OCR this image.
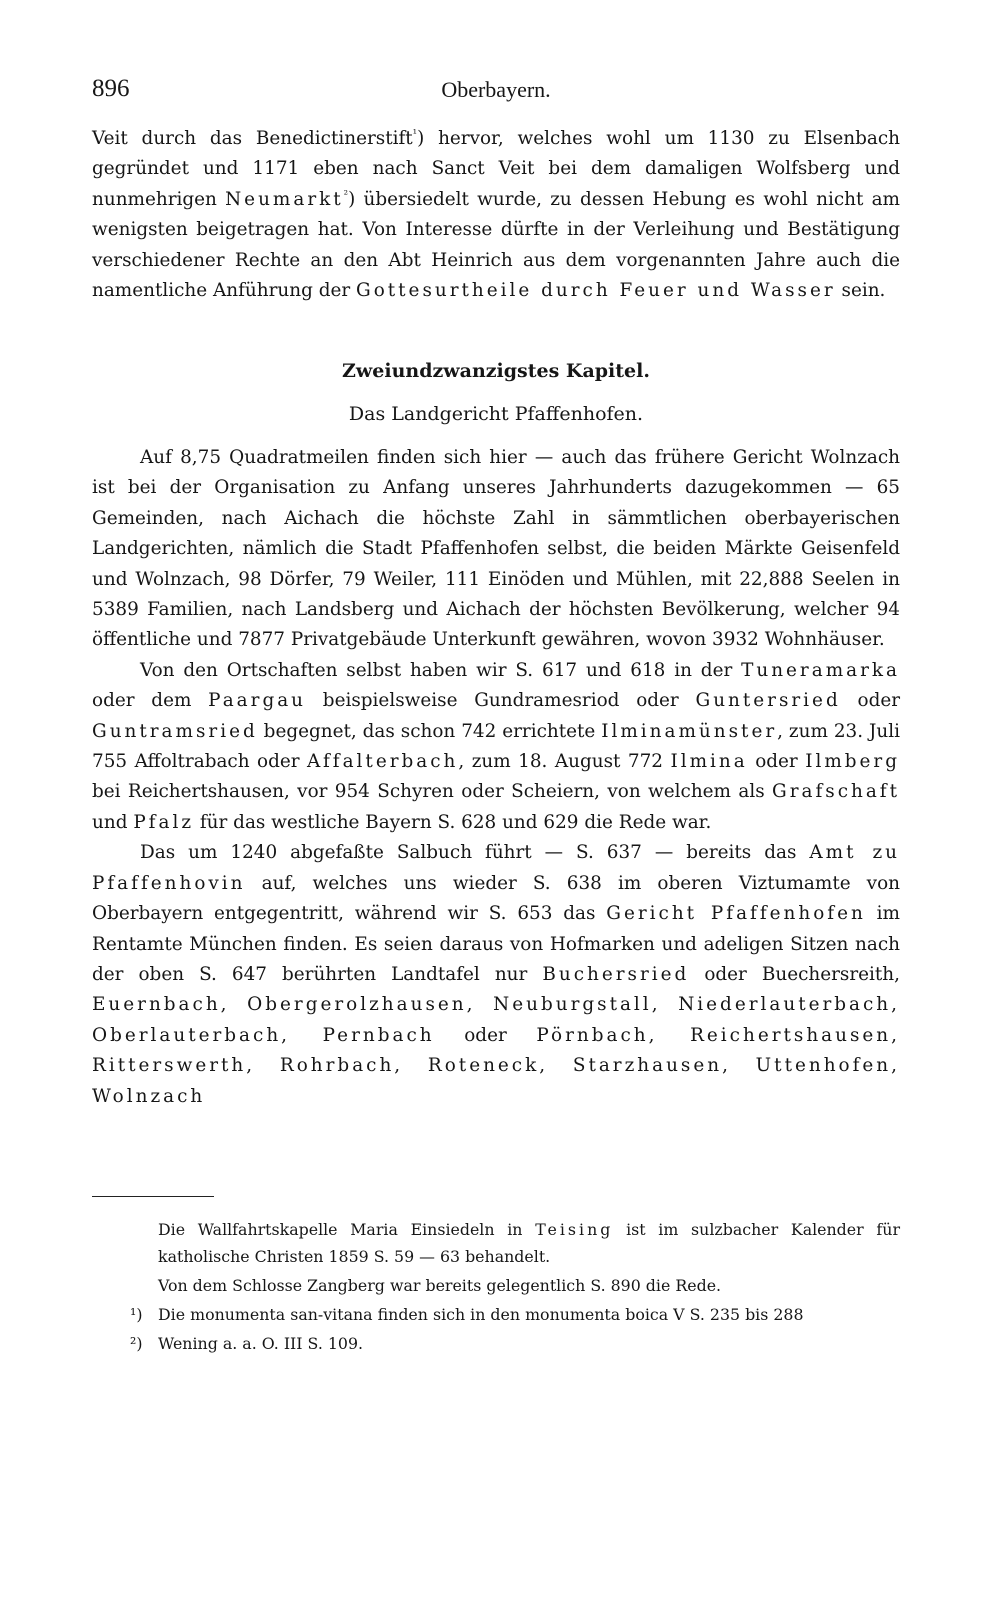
896	Oberbayern.

Veit durch das Benedictinerstift$^{^1}$) hervor, welches wohl um 1130 zu Elsenbach gegründet und 1171 eben nach Sanct Veit bei dem damaligen Wolfsberg und nunmehrigen Neumarkt$^{^2}$) übersiedelt wurde, zu dessen Hebung es wohl nicht am wenigsten beigetragen hat. Von Interesse dürfte in der Verleihung und Bestätigung verschiedener Rechte an den Abt Heinrich aus dem vorgenannten Jahre auch die namentliche Anführung der Gottesurtheile durch Feuer und Wasser sein.

Zweiundzwanzigstes Kapitel.
Das Landgericht Pfaffenhofen.

Auf 8,75 Quadratmeilen finden sich hier — auch das frühere Gericht Wolnzach ist bei der Organisation zu Anfang unseres Jahrhunderts dazugekommen — 65 Gemeinden, nach Aichach die höchste Zahl in sämmtlichen oberbayerischen Landgerichten, nämlich die Stadt Pfaffenhofen selbst, die beiden Märkte Geisenfeld und Wolnzach, 98 Dörfer, 79 Weiler, 111 Einöden und Mühlen, mit 22,888 Seelen in 5389 Familien, nach Landsberg und Aichach der höchsten Bevölkerung, welcher 94 öffentliche und 7877 Privatgebäude Unterkunft gewähren, wovon 3932 Wohnhäuser.

Von den Ortschaften selbst haben wir S. 617 und 618 in der Tuneramarka oder dem Paargau beispielsweise Gundramesriod oder Guntersried oder Guntramsried begegnet, das schon 742 errichtete Ilminamünster, zum 23. Juli 755 Affoltrabach oder Affalterbach, zum 18. August 772 Ilmina oder Ilmberg bei Reichertshausen, vor 954 Schyren oder Scheiern, von welchem als Grafschaft und Pfalz für das westliche Bayern S. 628 und 629 die Rede war.

Das um 1240 abgefaßte Salbuch führt — S. 637 — bereits das Amt zu Pfaffenhovin auf, welches uns wieder S. 638 im oberen Viztumamte von Oberbayern entgegentritt, während wir S. 653 das Gericht Pfaffenhofen im Rentamte München finden. Es seien daraus von Hofmarken und adeligen Sitzen nach der oben S. 647 berührten Landtafel nur Buchersried oder Buechersreith, Euernbach, Obergerolzhausen, Neuburgstall, Niederlauterbach, Oberlauterbach, Pernbach oder Pörnbach, Reichertshausen, Ritterswerth, Rohrbach, Roteneck, Starzhausen, Uttenhofen, Wolnzach

Die Wallfahrtskapelle Maria Einsiedeln in Teising ist im sulzbacher Kalender für katholische Christen 1859 S. 59 — 63 behandelt.

Von dem Schlosse Zangberg war bereits gelegentlich S. 890 die Rede.

¹) Die monumenta san-vitana finden sich in den monumenta boica V S. 235 bis 288

²) Wening a. a. O. III S. 109.
